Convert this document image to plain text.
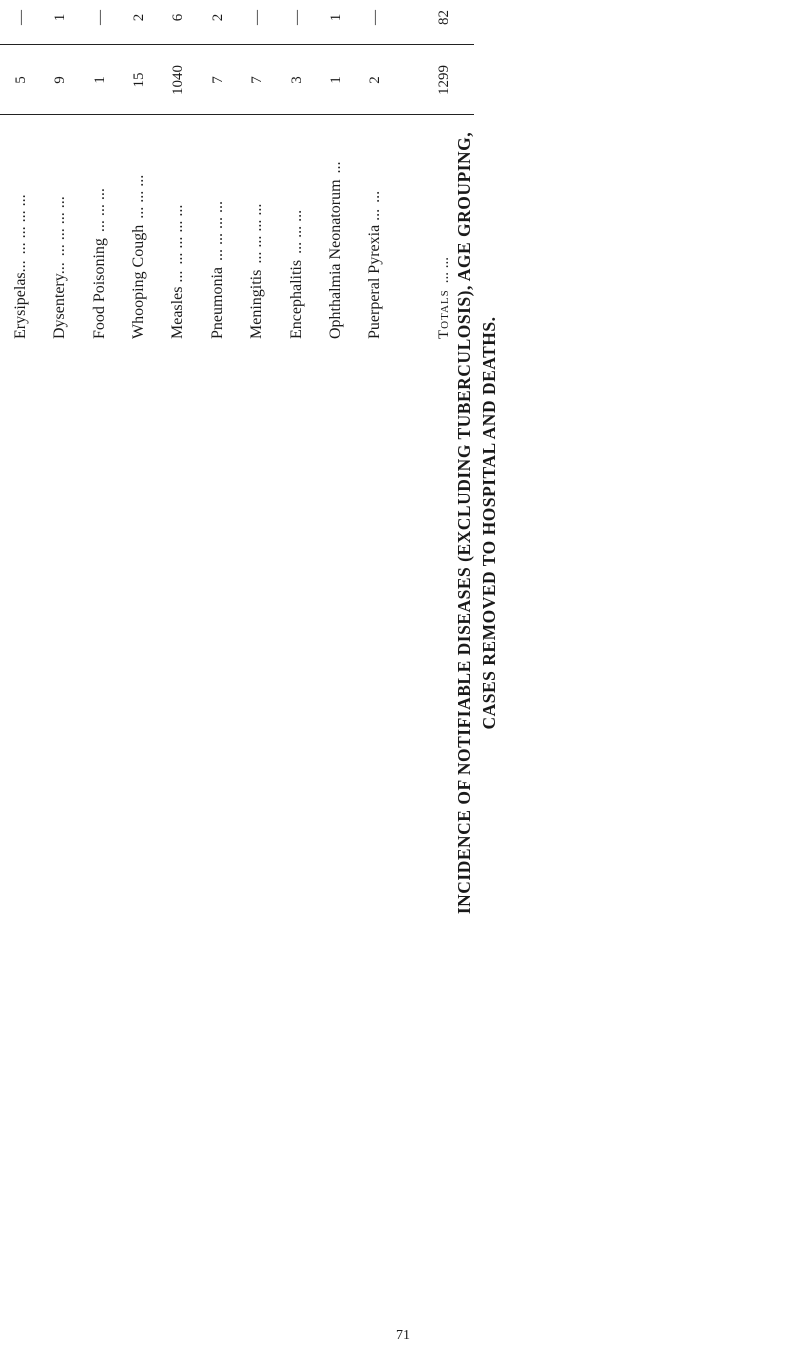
INCIDENCE OF NOTIFIABLE DISEASES (EXCLUDING TUBERCULOSIS), AGE GROUPING, CASES REMOVED TO HOSPITAL AND DEATHS.

Erysipelas...... ... ... ...	5	—													
Dysentery...... ... ... ...	9	1													
Food Poisoning... ... ...	1	—													
Whooping Cough... ... ...	15	2													
Measles ...... ... ... ...	1040	6													
Pneumonia... ... ... ...	7	2													
Meningitis... ... ... ...	7	—													
Encephalitis... ... ...	3	—													
Ophthalmia Neonatorum...	1	1													
Puerperal Pyrexia ......	2	—													
Totals... ...	1299	82													
71
